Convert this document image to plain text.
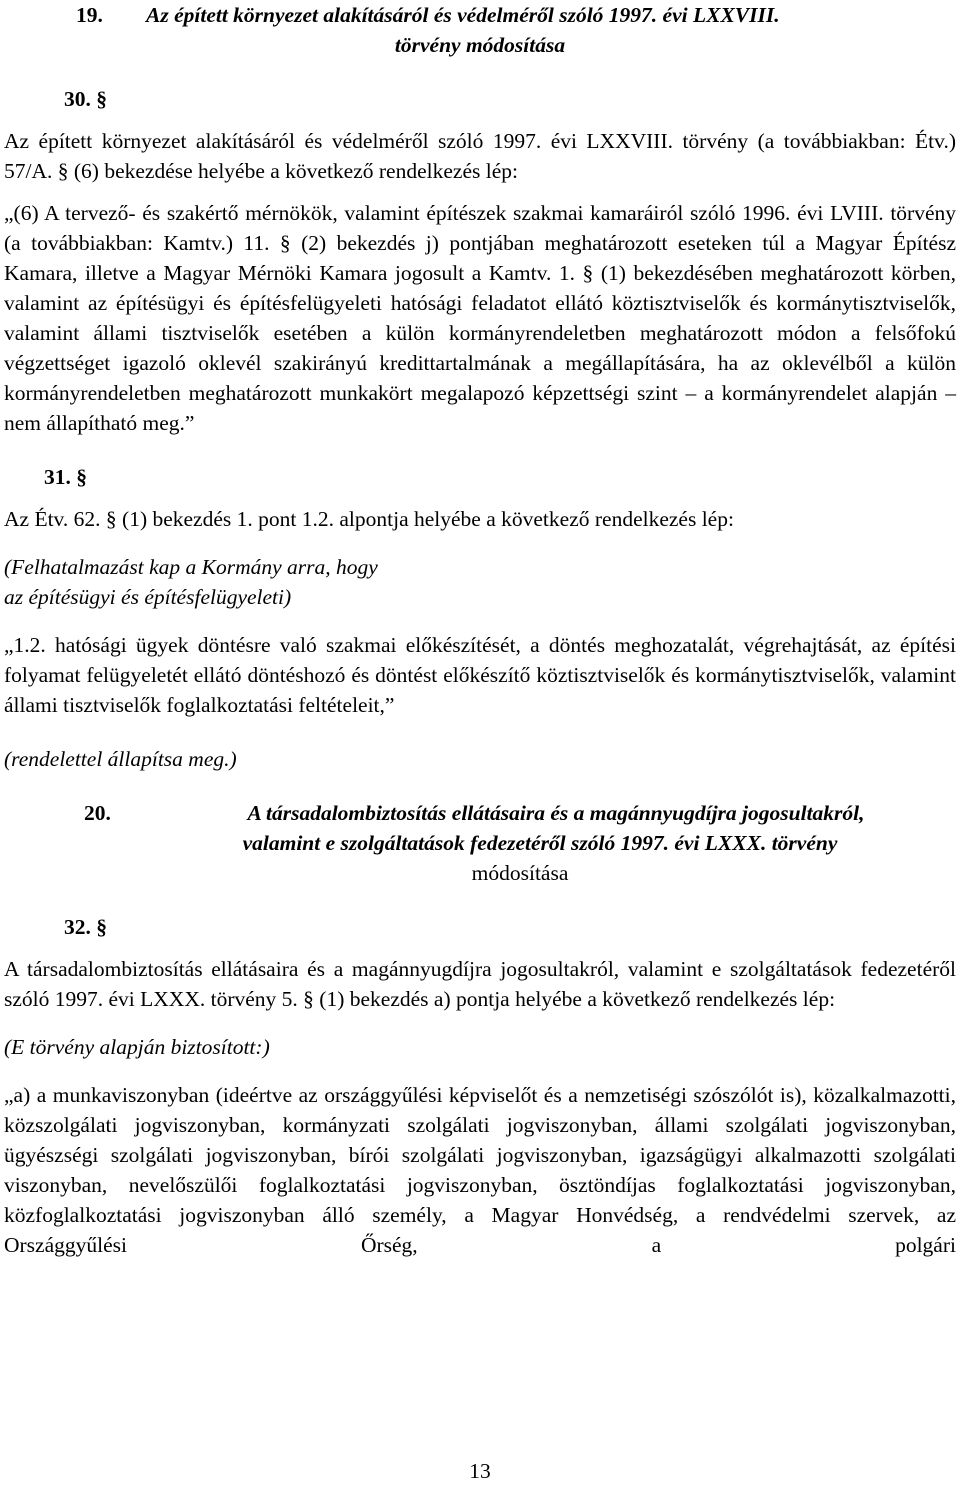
19.	Az épített környezet alakításáról és védelméről szóló 1997. évi LXXVIII.
törvény módosítása

30. §

Az épített környezet alakításáról és védelméről szóló 1997. évi LXXVIII. törvény (a továbbiakban: Étv.) 57/A. § (6) bekezdése helyébe a következő rendelkezés lép:

„(6) A tervező- és szakértő mérnökök, valamint építészek szakmai kamaráiról szóló 1996. évi LVIII. törvény (a továbbiakban: Kamtv.) 11. § (2) bekezdés j) pontjában meghatározott eseteken túl a Magyar Építész Kamara, illetve a Magyar Mérnöki Kamara jogosult a Kamtv. 1. § (1) bekezdésében meghatározott körben, valamint az építésügyi és építésfelügyeleti hatósági feladatot ellátó köztisztviselők és kormánytisztviselők, valamint állami tisztviselők esetében a külön kormányrendeletben meghatározott módon a felsőfokú végzettséget igazoló oklevél szakirányú kredittartalmának a megállapítására, ha az oklevélből a külön kormányrendeletben meghatározott munkakört megalapozó képzettségi szint – a kormányrendelet alapján – nem állapítható meg.”

31. §

Az Étv. 62. § (1) bekezdés 1. pont 1.2. alpontja helyébe a következő rendelkezés lép:

(Felhatalmazást kap a Kormány arra, hogy

az építésügyi és építésfelügyeleti)

„1.2. hatósági ügyek döntésre való szakmai előkészítését, a döntés meghozatalát, végrehajtását, az építési folyamat felügyeletét ellátó döntéshozó és döntést előkészítő köztisztviselők és kormánytisztviselők, valamint állami tisztviselők foglalkoztatási feltételeit,”

(rendelettel állapítsa meg.)

20.	A társadalombiztosítás ellátásaira és a magánnyugdíjra jogosultakról,
valamint e szolgáltatások fedezetéről szóló 1997. évi LXXX. törvény
módosítása

32. §

A társadalombiztosítás ellátásaira és a magánnyugdíjra jogosultakról, valamint e szolgáltatások fedezetéről szóló 1997. évi LXXX. törvény 5. § (1) bekezdés a) pontja helyébe a következő rendelkezés lép:

(E törvény alapján biztosított:)

„a) a munkaviszonyban (ideértve az országgyűlési képviselőt és a nemzetiségi szószólót is), közalkalmazotti, közszolgálati jogviszonyban, kormányzati szolgálati jogviszonyban, állami szolgálati jogviszonyban, ügyészségi szolgálati jogviszonyban, bírói szolgálati jogviszonyban, igazságügyi alkalmazotti szolgálati viszonyban, nevelőszülői foglalkoztatási jogviszonyban, ösztöndíjas foglalkoztatási jogviszonyban, közfoglalkoztatási jogviszonyban álló személy, a Magyar Honvédség, a rendvédelmi szervek, az Országgyűlési Őrség, a polgári

13
